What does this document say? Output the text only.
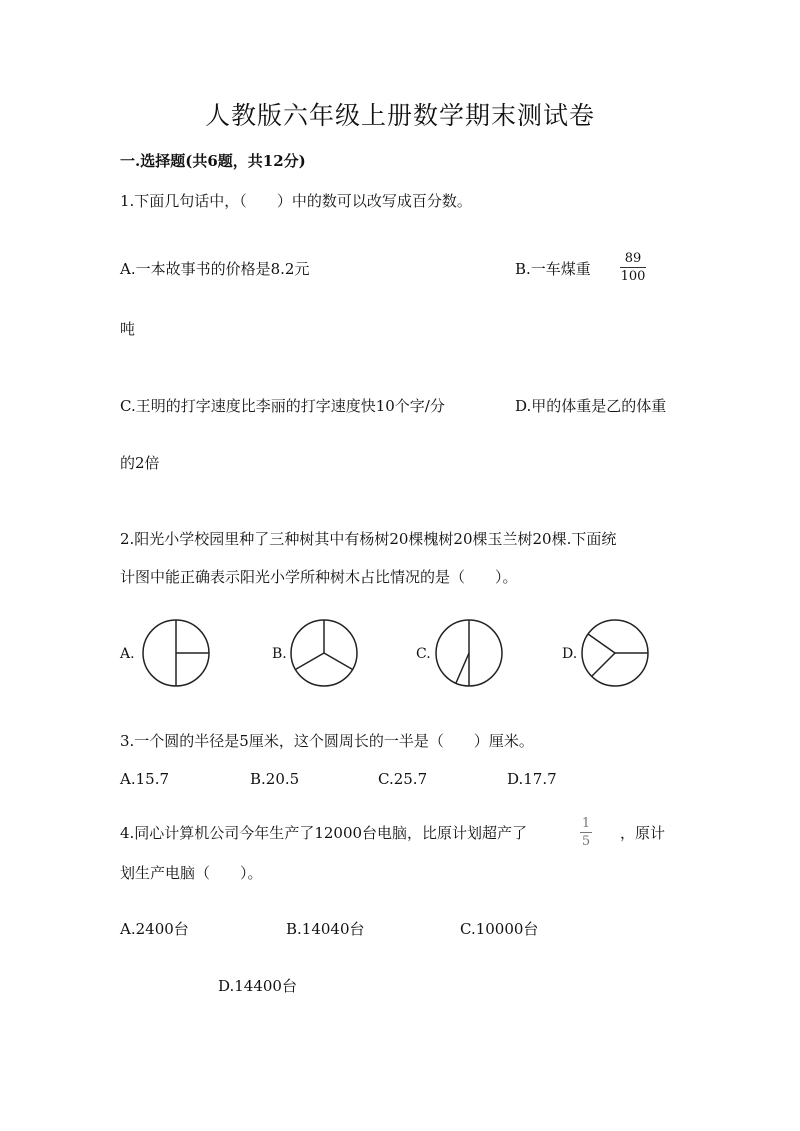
人教版六年级上册数学期末测试卷
一.选择题(共6题，共12分)
1.下面几句话中，（　　）中的数可以改写成百分数。
A.一本故事书的价格是8.2元	B.一车煤重
89
100
吨
C.王明的打字速度比李丽的打字速度快10个字/分	D.甲的体重是乙的体重
的2倍
2.阳光小学校园里种了三种树其中有杨树20棵槐树20棵玉兰树20棵.下面统
计图中能正确表示阳光小学所种树木占比情况的是（　　）。
A.	B.	C.	D.
3.一个圆的半径是5厘米，这个圆周长的一半是（　　）厘米。
A.15.7	B.20.5	C.25.7	D.17.7
4.同心计算机公司今年生产了12000台电脑，比原计划超产了
1
5	，原计
划生产电脑（　　）。
A.2400台	B.14040台	C.10000台
D.14400台
